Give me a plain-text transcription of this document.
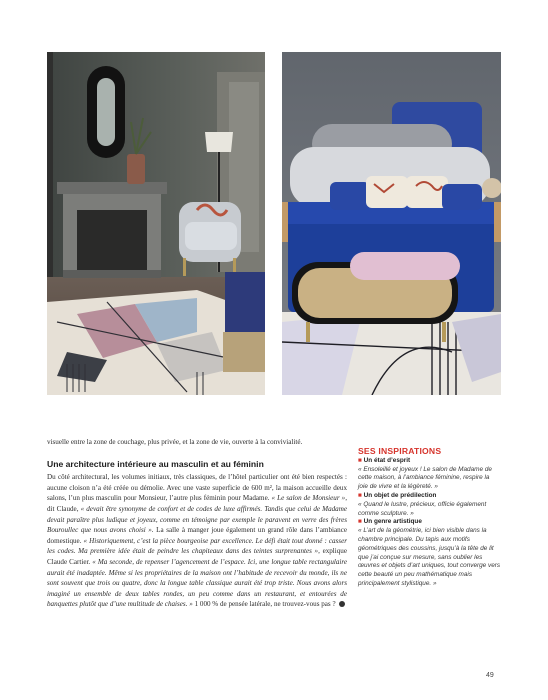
visuelle entre la zone de couchage, plus privée, et la zone de vie, ouverte à la convivialité.

Une architecture intérieure au masculin et au féminin

Du côté architectural, les volumes initiaux, très classiques, de l’hôtel particulier ont été bien respectés : aucune cloison n’a été créée ou démolie. Avec une vaste superficie de 600 m², la maison accueille deux salons, l’un plus masculin pour Monsieur, l’autre plus féminin pour Madame. « Le salon de Monsieur », dit Claude, « devait être synonyme de confort et de codes de luxe affirmés. Tandis que celui de Madame devait paraître plus ludique et joyeux, comme en témoigne par exemple le paravent en verre des frères Bouroullec que nous avons choisi ». La salle à manger joue également un grand rôle dans l’ambiance domestique. « Historiquement, c’est la pièce bourgeoise par excellence. Le défi était tout donné : casser les codes. Ma première idée était de peindre les chapiteaux dans des teintes surprenantes », explique Claude Cartier. « Ma seconde, de repenser l’agencement de l’espace. Ici, une longue table rectangulaire aurait été inadaptée. Même si les propriétaires de la maison ont l’habitude de recevoir du monde, ils ne sont souvent que trois ou quatre, donc la longue table classique aurait été trop triste. Nous avons alors imaginé un ensemble de deux tables rondes, un peu comme dans un restaurant, et entourées de banquettes plutôt que d’une multitude de chaises. » 1 000 % de pensée latérale, ne trouvez-vous pas ?

SES INSPIRATIONS
■ Un état d’esprit
« Ensoleillé et joyeux ! Le salon de Madame de cette maison, à l’ambiance féminine, respire la joie de vivre et la légèreté. »
■ Un objet de prédilection
« Quand le lustre, précieux, officie également comme sculpture. »
■ Un genre artistique
« L’art de la géométrie, ici bien visible dans la chambre principale. Du tapis aux motifs géométriques des coussins, jusqu’à la tête de lit que j’ai conçue sur mesure, sans oublier les œuvres et objets d’art uniques, tout converge vers cette beauté un peu mathématique mais principalement stylistique. »
49
